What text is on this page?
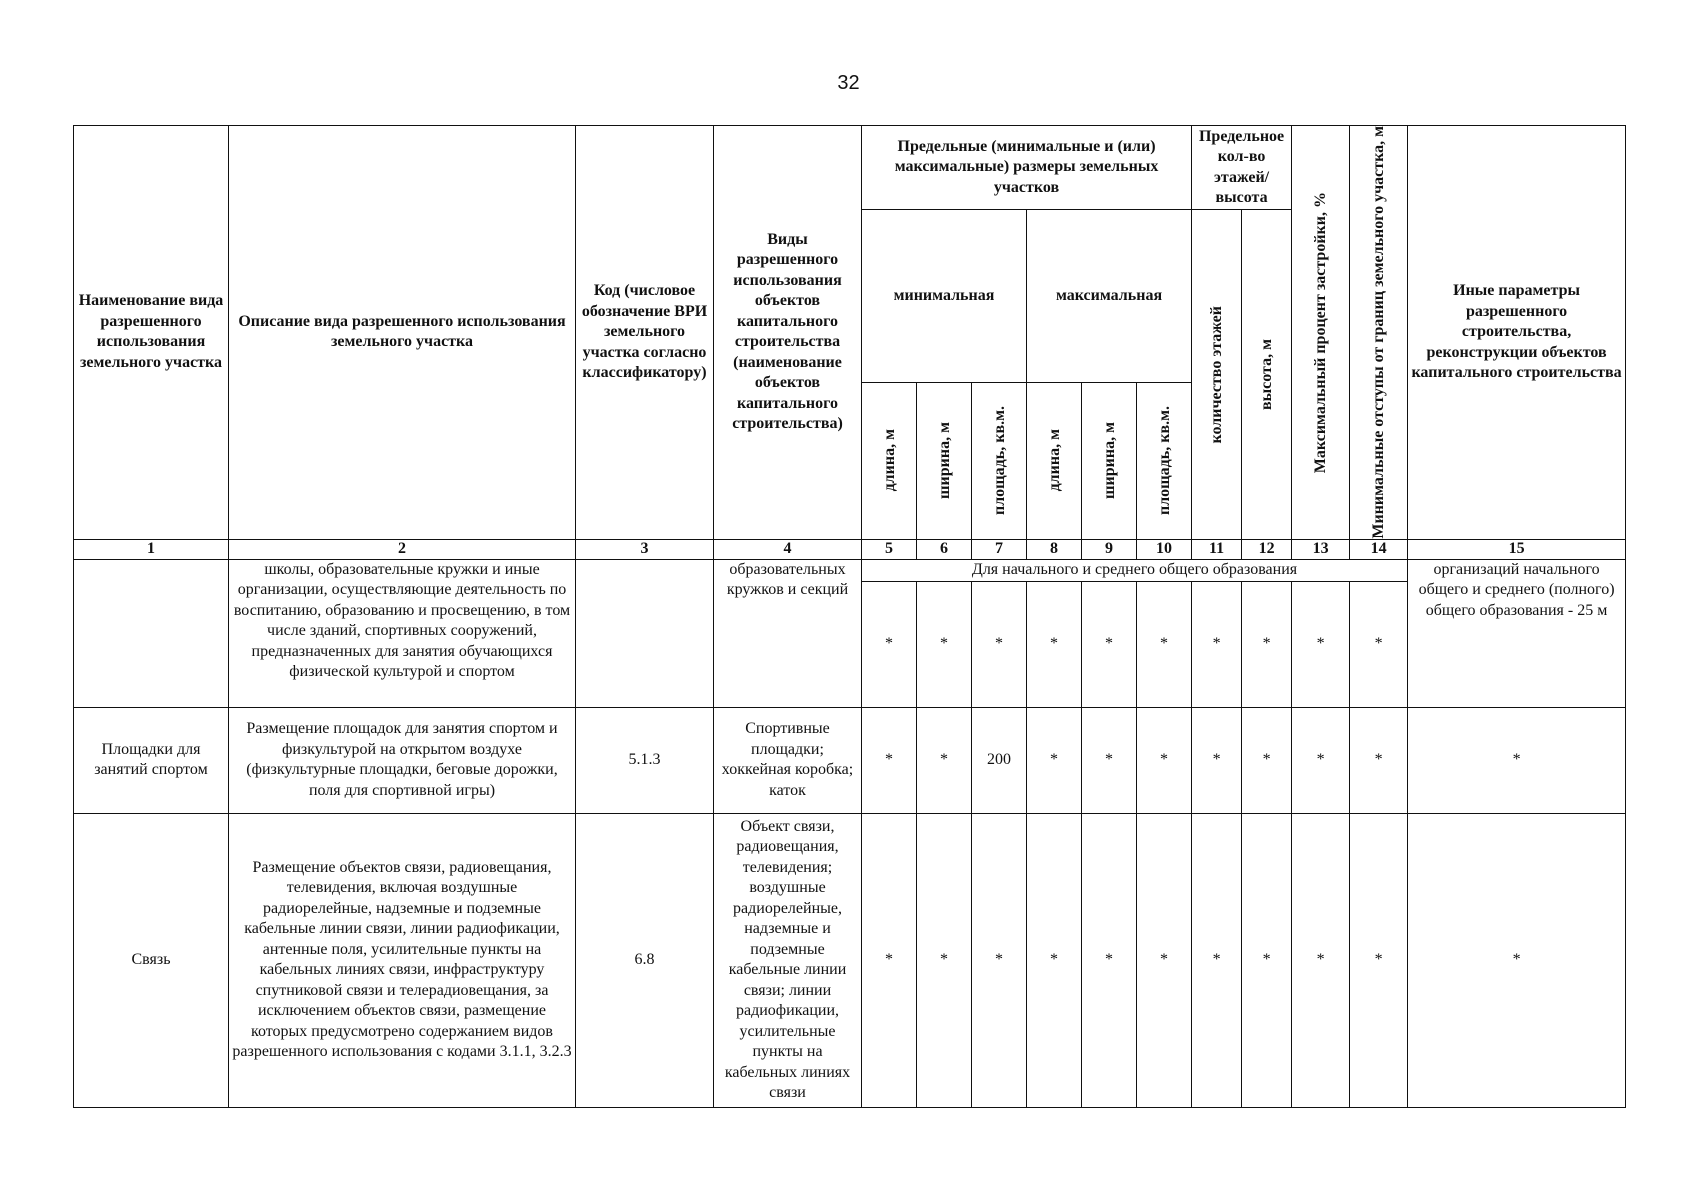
32
Наименование вида разрешенного использования земельного участка	Описание вида разрешенного использования земельного участка	Код (числовое обозначение ВРИ земельного участка согласно классификатору)	Виды разрешенного использования объектов капитального строительства (наименование объектов капитального строительства)	Предельные (минимальные и (или) максимальные) размеры земельных участков						Предельное кол-во этажей/ высота		Максимальный процент застройки, %	Минимальные отступы от границ земельного участка, м	Иные параметры разрешенного строительства, реконструкции объектов капитального строительства
				минимальная			максимальная			количество этажей	высота, м			

				длина, м	ширина, м	площадь, кв.м.	длина, м	ширина, м	площадь, кв.м.					

1	2	3	4	5	6	7	8	9	10	11	12	13	14	15
	школы, образовательные кружки и иные организации, осуществляющие деятельность по воспитанию, образованию и просвещению, в том числе зданий, спортивных сооружений, предназначенных для занятия обучающихся физической культурой и спортом		образовательных кружков и секций	Для начального и среднего общего образования										организаций начального общего и среднего (полного) общего образования - 25 м
				*	*	*	*	*	*	*	*	*	*	
Площадки для занятий спортом	Размещение площадок для занятия спортом и физкультурой на открытом воздухе (физкультурные площадки, беговые дорожки, поля для спортивной игры)	5.1.3	Спортивные площадки; хоккейная коробка; каток	*	*	200	*	*	*	*	*	*	*	*
Связь	Размещение объектов связи, радиовещания, телевидения, включая воздушные радиорелейные, надземные и подземные кабельные линии связи, линии радиофикации, антенные поля, усилительные пункты на кабельных линиях связи, инфраструктуру спутниковой связи и телерадиовещания, за исключением объектов связи, размещение которых предусмотрено содержанием видов разрешенного использования с кодами 3.1.1, 3.2.3	6.8	Объект связи, радиовещания, телевидения; воздушные радиорелейные, надземные и подземные кабельные линии связи; линии радиофикации, усилительные пункты на кабельных линиях связи	*	*	*	*	*	*	*	*	*	*	*
